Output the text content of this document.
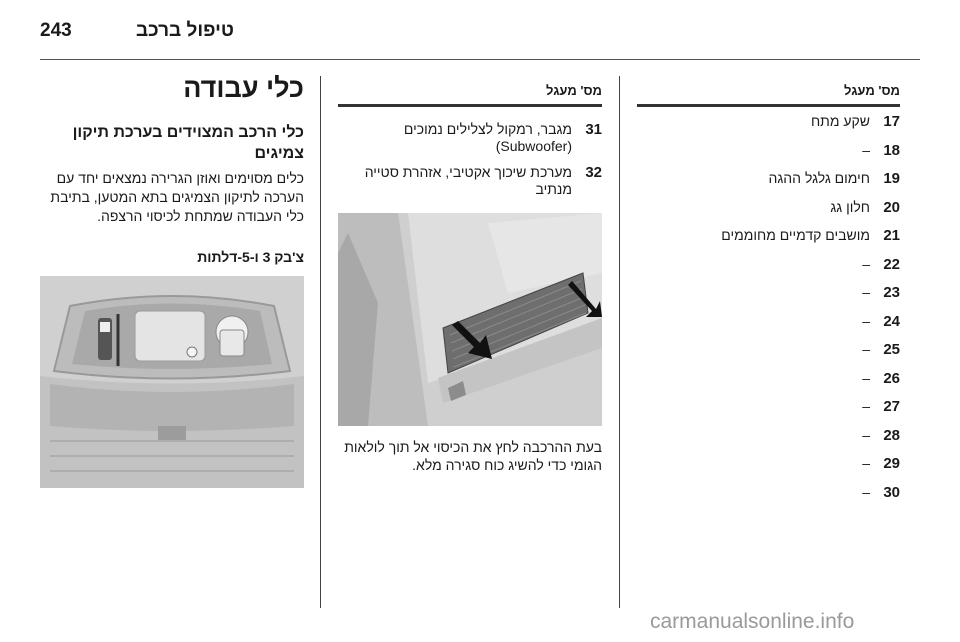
243	טיפול ברכב
מס' מעגל
17
שקע מתח
18
–
19
חימום גלגל ההגה
20
חלון גג
21
מושבים קדמיים מחוממים
22
–
23
–
24
–
25
–
26
–
27
–
28
–
29
–
30
–
מס' מעגל
31
מגבר, רמקול לצלילים נמוכים (Subwoofer)
32
מערכת שיכוך אקטיבי, אזהרת סטייה מנתיב
בעת ההרכבה לחץ את הכיסוי אל תוך לולאות הגומי כדי להשיג כוח סגירה מלא.
כלי עבודה
כלי הרכב המצוידים בערכת תיקון צמיגים
כלים מסוימים ואוזן הגרירה נמצאים יחד עם הערכה לתיקון הצמיגים בתא המטען, בתיבת כלי העבודה שמתחת לכיסוי הרצפה.
צ'בק 3 ו-5-דלתות
carmanualsonline.info
